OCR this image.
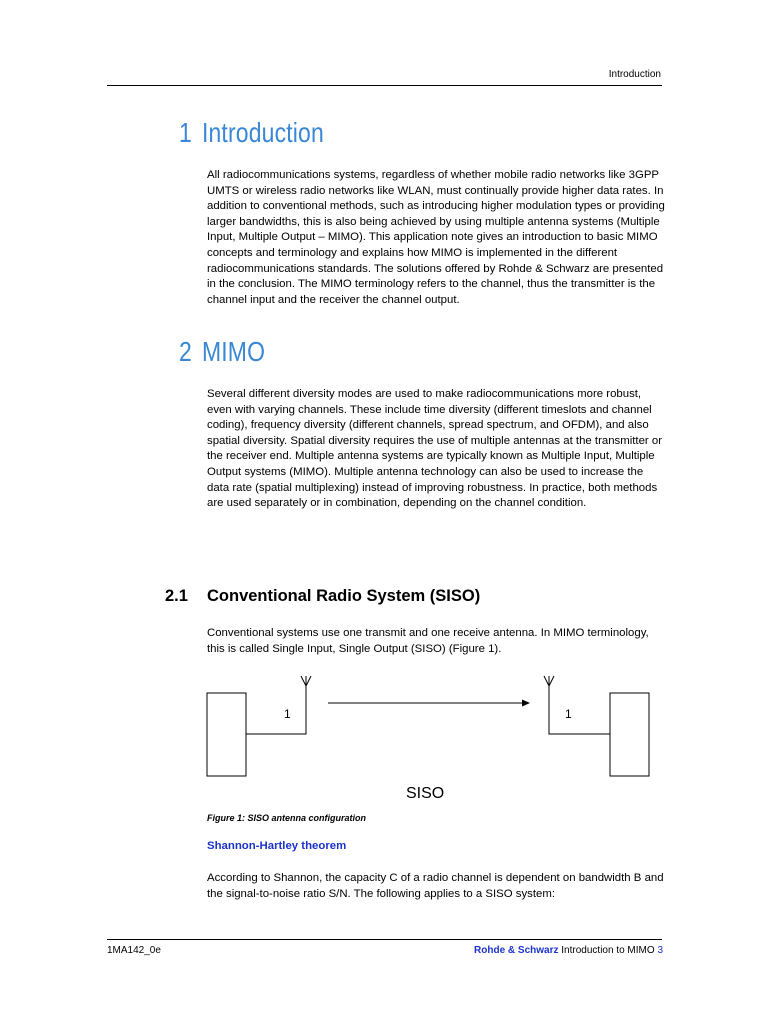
Introduction
1 Introduction

All radiocommunications systems, regardless of whether mobile radio networks like 3GPP UMTS or wireless radio networks like WLAN, must continually provide higher data rates. In addition to conventional methods, such as introducing higher modulation types or providing larger bandwidths, this is also being achieved by using multiple antenna systems (Multiple Input, Multiple Output – MIMO). This application note gives an introduction to basic MIMO concepts and terminology and explains how MIMO is implemented in the different radiocommunications standards. The solutions offered by Rohde & Schwarz are presented in the conclusion. The MIMO terminology refers to the channel, thus the transmitter is the channel input and the receiver the channel output.

2 MIMO

Several different diversity modes are used to make radiocommunications more robust, even with varying channels. These include time diversity (different timeslots and channel coding), frequency diversity (different channels, spread spectrum, and OFDM), and also spatial diversity. Spatial diversity requires the use of multiple antennas at the transmitter or the receiver end. Multiple antenna systems are typically known as Multiple Input, Multiple Output systems (MIMO). Multiple antenna technology can also be used to increase the data rate (spatial multiplexing) instead of improving robustness. In practice, both methods are used separately or in combination, depending on the channel condition.

2.1 Conventional Radio System (SISO)

Conventional systems use one transmit and one receive antenna. In MIMO terminology, this is called Single Input, Single Output (SISO) (Figure 1).

1	1
SISO
Figure 1: SISO antenna configuration
Shannon-Hartley theorem

According to Shannon, the capacity C of a radio channel is dependent on bandwidth B and the signal-to-noise ratio S/N. The following applies to a SISO system:

1MA142_0e	Rohde & Schwarz Introduction to MIMO 3
